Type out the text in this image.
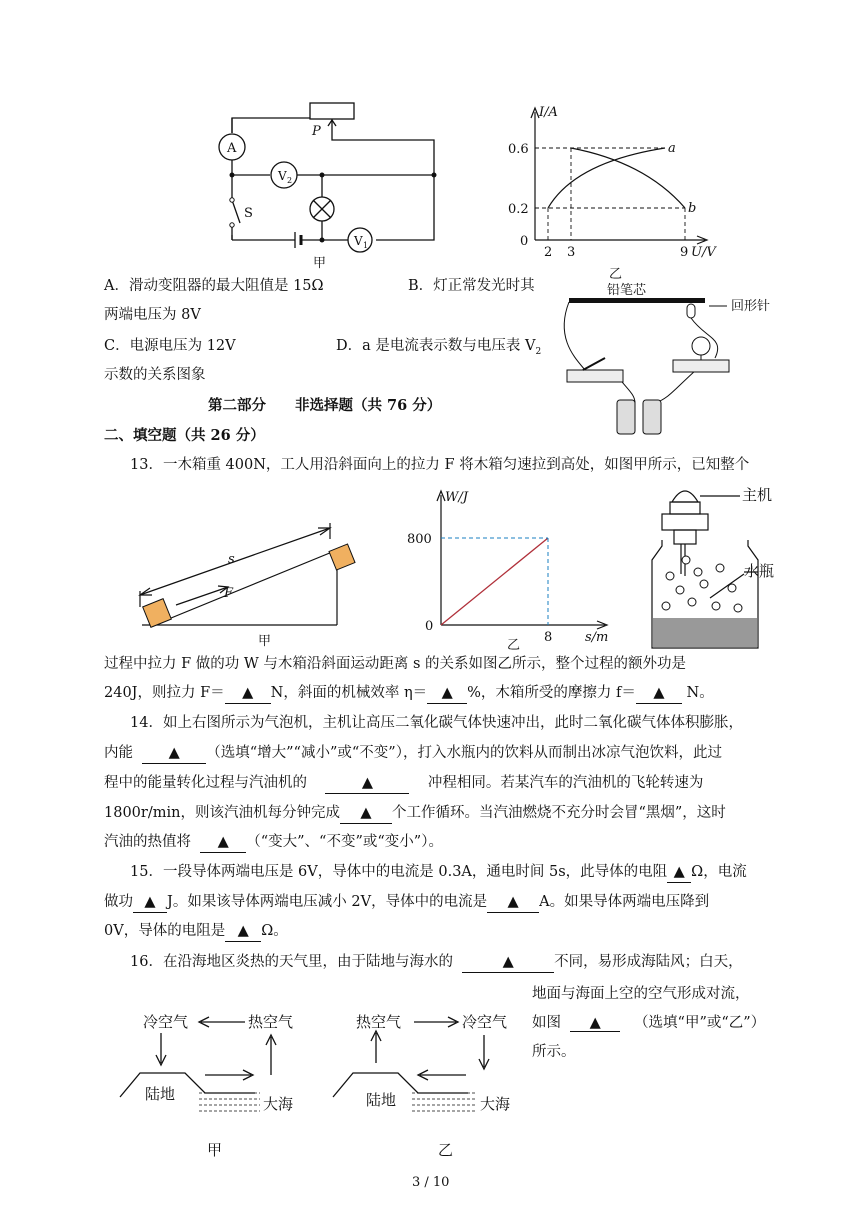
A
P
V 2
S
V 1
甲
I/A
U/V
0
0.6
0.2
2 3	9
a
b
乙
铅笔芯
回形针
A．滑动变阻器的最大阻值是 15Ω	B．灯正常发光时其
两端电压为 8V
C．电源电压为 12V	D．a 是电流表示数与电压表 $V_2$
示数的关系图象
第二部分　　非选择题（共 76 分）
二、填空题（共 26 分）
13．一木箱重 400N，工人用沿斜面向上的拉力 F 将木箱匀速拉到高处，如图甲所示，已知整个
s
F
甲
W/J
s/m
0
800
8
乙
主机
水瓶
过程中拉力 F 做的功 W 与木箱沿斜面运动距离 s 的关系如图乙所示，整个过程的额外功是
240J，则拉力 F＝ ▲ N，斜面的机械效率 η＝ ▲ %，木箱所受的摩擦力 f＝ ▲ N。
14．如上右图所示为气泡机，主机让高压二氧化碳气体快速冲出，此时二氧化碳气体体积膨胀，
内能 ▲ （选填“增大”“减小”或“不变”），打入水瓶内的饮料从而制出冰凉气泡饮料，此过
程中的能量转化过程与汽油机的	▲	冲程相同。若某汽车的汽油机的飞轮转速为
1800r/min，则该汽油机每分钟完成 ▲ 个工作循环。当汽油燃烧不充分时会冒“黑烟”，这时
汽油的热值将 ▲ （“变大”、“不变”或“变小”）。
15．一段导体两端电压是 6V，导体中的电流是 0.3A，通电时间 5s，此导体的电阻 ▲ Ω，电流
做功 ▲ J。如果该导体两端电压减小 2V，导体中的电流是 ▲ A。如果导体两端电压降到
0V，导体的电阻是 ▲ Ω。
16．在沿海地区炎热的天气里，由于陆地与海水的	▲	不同，易形成海陆风；白天，
地面与海面上空的空气形成对流，
如图 ▲ （选填“甲”或“乙”）
所示。
冷空气	热空气
陆地
大海
甲
热空气	冷空气
陆地	大海
乙
3 / 10
